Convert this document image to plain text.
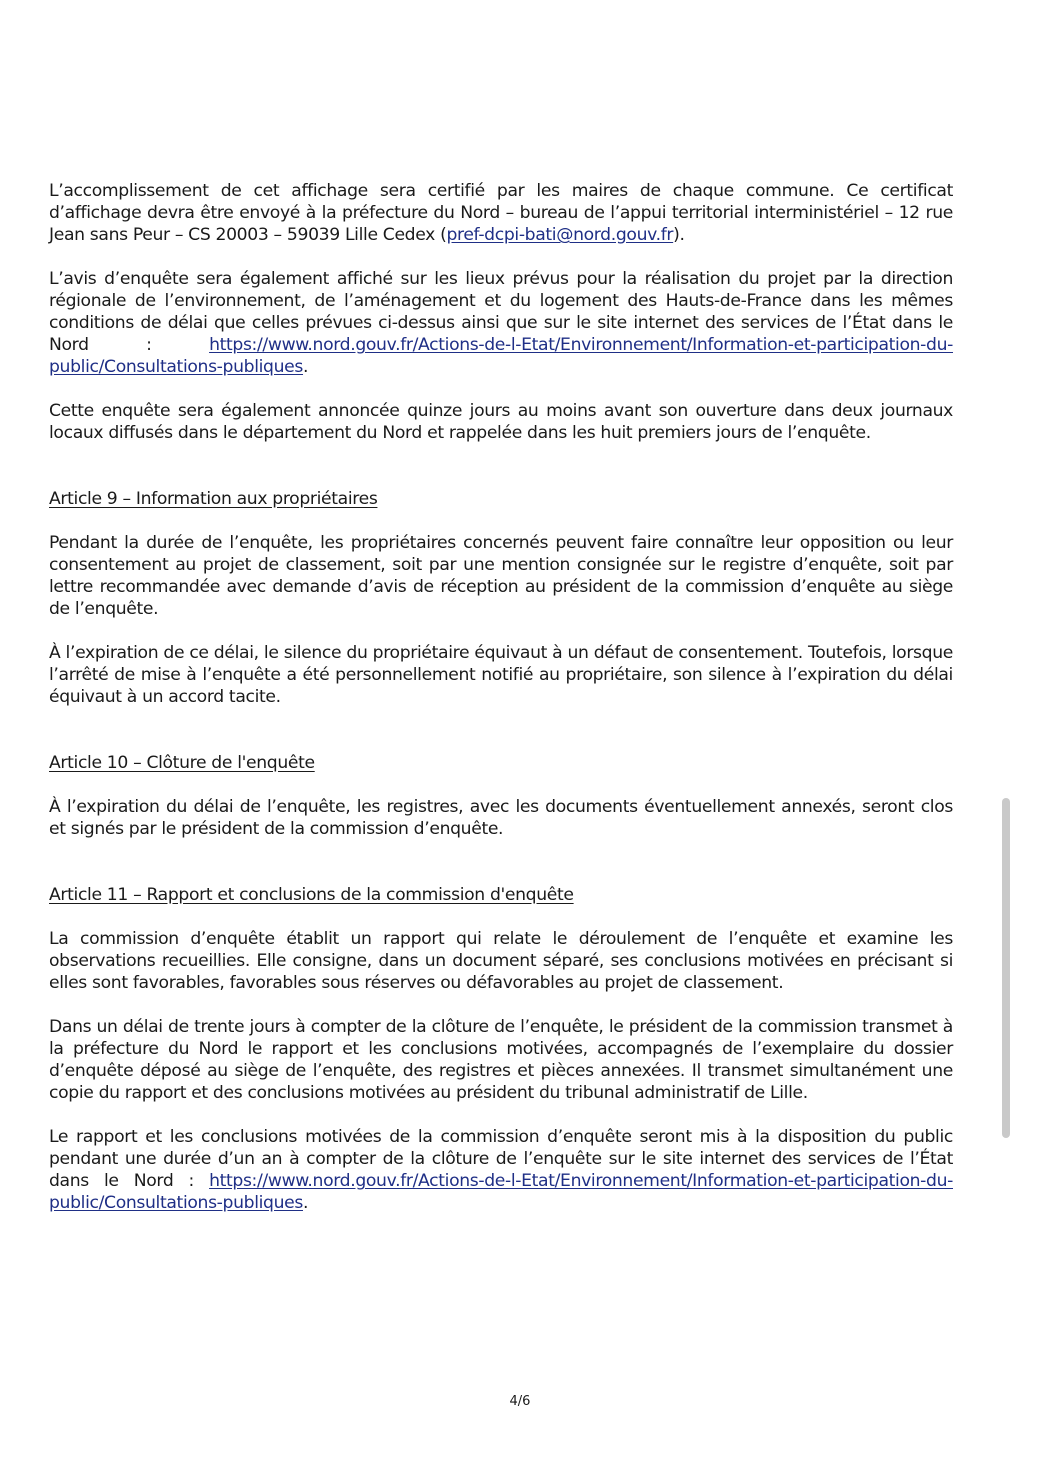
L’accomplissement de cet affichage sera certifié par les maires de chaque commune. Ce certificat d’affichage devra être envoyé à la préfecture du Nord – bureau de l’appui territorial interministériel – 12 rue Jean sans Peur – CS 20003 – 59039 Lille Cedex (pref-dcpi-bati@nord.gouv.fr).

L’avis d’enquête sera également affiché sur les lieux prévus pour la réalisation du projet par la direction régionale de l’environnement, de l’aménagement et du logement des Hauts-de-France dans les mêmes conditions de délai que celles prévues ci-dessus ainsi que sur le site internet des services de l’État dans le Nord : https://www.nord.gouv.fr/Actions-de-l-Etat/Environnement/Information-et-participation-du-public/Consultations-publiques.

Cette enquête sera également annoncée quinze jours au moins avant son ouverture dans deux journaux locaux diffusés dans le département du Nord et rappelée dans les huit premiers jours de l’enquête.

Article 9 – Information aux propriétaires

Pendant la durée de l’enquête, les propriétaires concernés peuvent faire connaître leur opposition ou leur consentement au projet de classement, soit par une mention consignée sur le registre d’enquête, soit par lettre recommandée avec demande d’avis de réception au président de la commission d’enquête au siège de l’enquête.

À l’expiration de ce délai, le silence du propriétaire équivaut à un défaut de consentement. Toutefois, lorsque l’arrêté de mise à l’enquête a été personnellement notifié au propriétaire, son silence à l’expiration du délai équivaut à un accord tacite.

Article 10 – Clôture de l'enquête

À l’expiration du délai de l’enquête, les registres, avec les documents éventuellement annexés, seront clos et signés par le président de la commission d’enquête.

Article 11 – Rapport et conclusions de la commission d'enquête

La commission d’enquête établit un rapport qui relate le déroulement de l’enquête et examine les observations recueillies. Elle consigne, dans un document séparé, ses conclusions motivées en précisant si elles sont favorables, favorables sous réserves ou défavorables au projet de classement.

Dans un délai de trente jours à compter de la clôture de l’enquête, le président de la commission transmet à la préfecture du Nord le rapport et les conclusions motivées, accompagnés de l’exemplaire du dossier d’enquête déposé au siège de l’enquête, des registres et pièces annexées. Il transmet simultanément une copie du rapport et des conclusions motivées au président du tribunal administratif de Lille.

Le rapport et les conclusions motivées de la commission d’enquête seront mis à la disposition du public pendant une durée d’un an à compter de la clôture de l’enquête sur le site internet des services de l’État dans le Nord : https://www.nord.gouv.fr/Actions-de-l-Etat/Environnement/Information-et-participation-du-public/Consultations-publiques.

4/6
